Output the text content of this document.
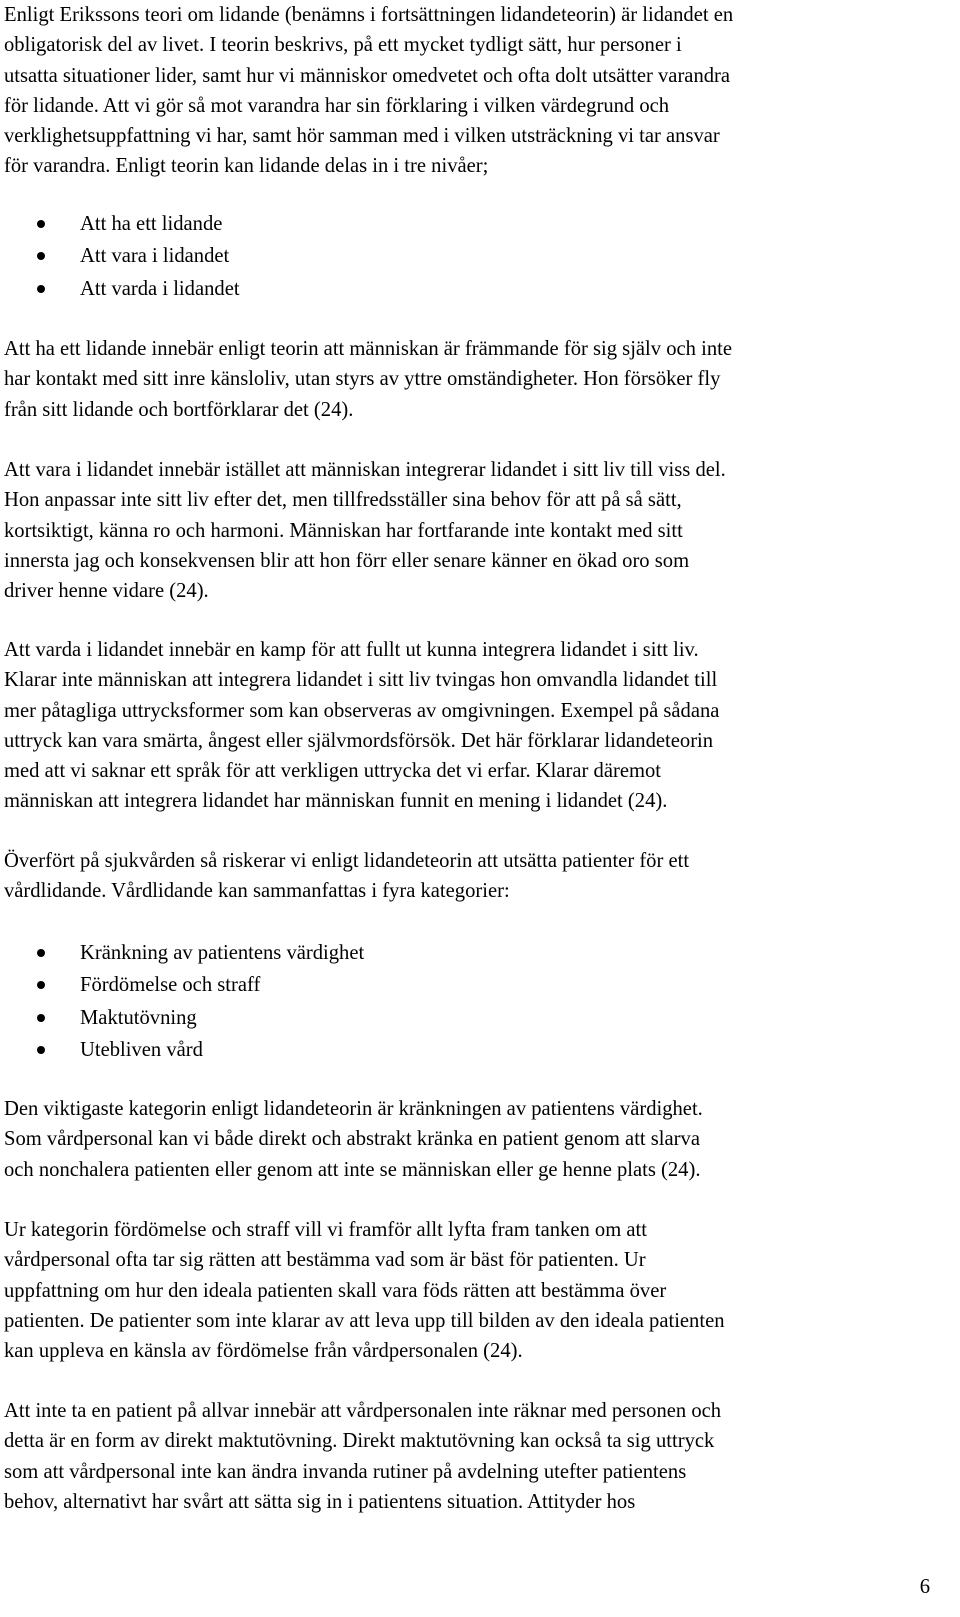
Enligt Erikssons teori om lidande (benämns i fortsättningen lidandeteorin) är lidandet en
obligatorisk del av livet. I teorin beskrivs, på ett mycket tydligt sätt, hur personer i
utsatta situationer lider, samt hur vi människor omedvetet och ofta dolt utsätter varandra
för lidande. Att vi gör så mot varandra har sin förklaring i vilken värdegrund och
verklighetsuppfattning vi har, samt hör samman med i vilken utsträckning vi tar ansvar
för varandra. Enligt teorin kan lidande delas in i tre nivåer;

Att ha ett lidande
Att vara i lidandet
Att varda i lidandet

Att ha ett lidande innebär enligt teorin att människan är främmande för sig själv och inte
har kontakt med sitt inre känsloliv, utan styrs av yttre omständigheter. Hon försöker fly
från sitt lidande och bortförklarar det (24).

Att vara i lidandet innebär istället att människan integrerar lidandet i sitt liv till viss del.
Hon anpassar inte sitt liv efter det, men tillfredsställer sina behov för att på så sätt,
kortsiktigt, känna ro och harmoni. Människan har fortfarande inte kontakt med sitt
innersta jag och konsekvensen blir att hon förr eller senare känner en ökad oro som
driver henne vidare (24).

Att varda i lidandet innebär en kamp för att fullt ut kunna integrera lidandet i sitt liv.
Klarar inte människan att integrera lidandet i sitt liv tvingas hon omvandla lidandet till
mer påtagliga uttrycksformer som kan observeras av omgivningen. Exempel på sådana
uttryck kan vara smärta, ångest eller självmordsförsök. Det här förklarar lidandeteorin
med att vi saknar ett språk för att verkligen uttrycka det vi erfar. Klarar däremot
människan att integrera lidandet har människan funnit en mening i lidandet (24).

Överfört på sjukvården så riskerar vi enligt lidandeteorin att utsätta patienter för ett
vårdlidande. Vårdlidande kan sammanfattas i fyra kategorier:

Kränkning av patientens värdighet
Fördömelse och straff
Maktutövning
Utebliven vård

Den viktigaste kategorin enligt lidandeteorin är kränkningen av patientens värdighet.
Som vårdpersonal kan vi både direkt och abstrakt kränka en patient genom att slarva
och nonchalera patienten eller genom att inte se människan eller ge henne plats (24).

Ur kategorin fördömelse och straff vill vi framför allt lyfta fram tanken om att
vårdpersonal ofta tar sig rätten att bestämma vad som är bäst för patienten. Ur
uppfattning om hur den ideala patienten skall vara föds rätten att bestämma över
patienten. De patienter som inte klarar av att leva upp till bilden av den ideala patienten
kan uppleva en känsla av fördömelse från vårdpersonalen (24).

Att inte ta en patient på allvar innebär att vårdpersonalen inte räknar med personen och
detta är en form av direkt maktutövning. Direkt maktutövning kan också ta sig uttryck
som att vårdpersonal inte kan ändra invanda rutiner på avdelning utefter patientens
behov, alternativt har svårt att sätta sig in i patientens situation. Attityder hos

6
